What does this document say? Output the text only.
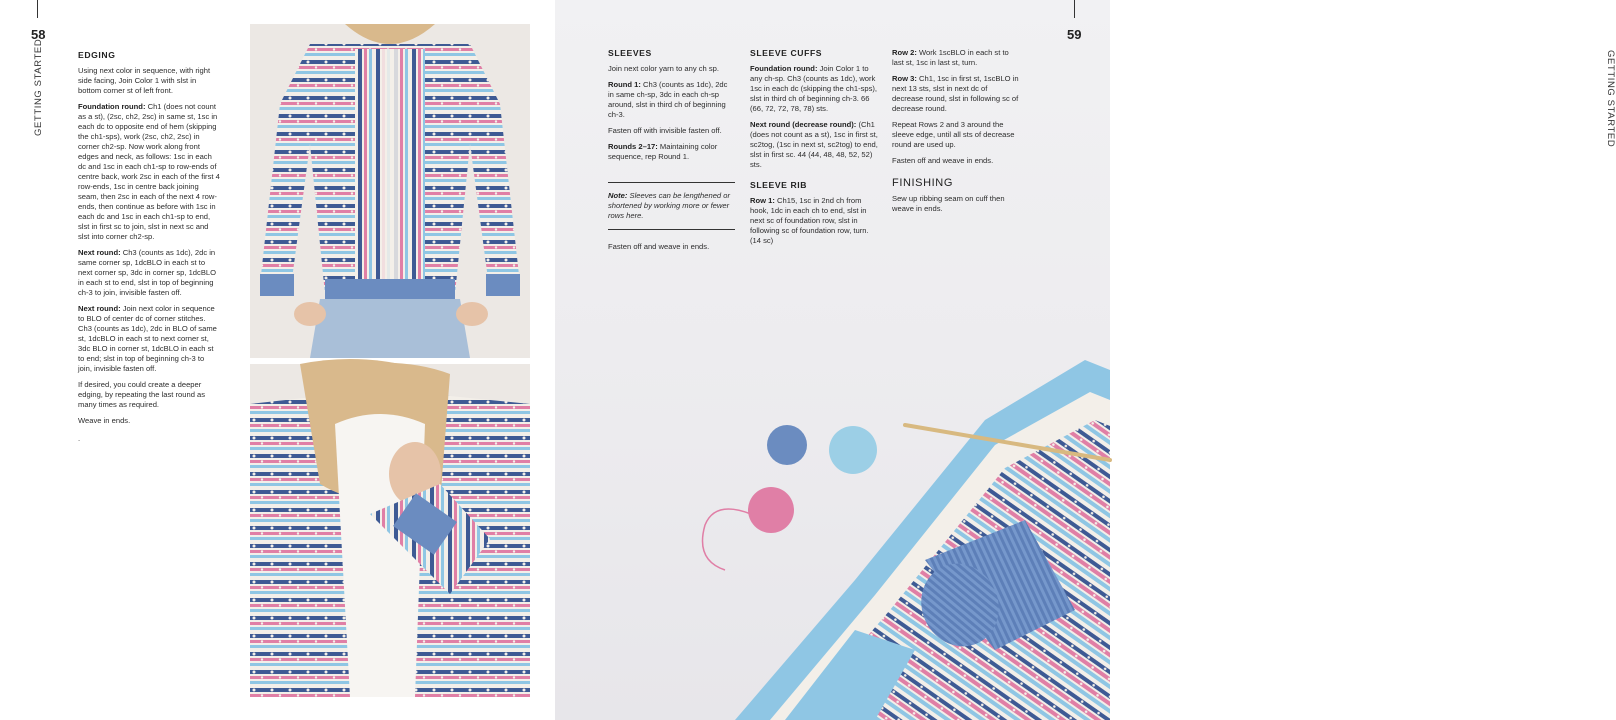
58
GETTING STARTED	EDGING

Using next color in sequence, with right side facing, Join Color 1 with slst in bottom corner st of left front.

Foundation round: Ch1 (does not count as a st), (2sc, ch2, 2sc) in same st, 1sc in each dc to opposite end of hem (skipping the ch1-sps), work (2sc, ch2, 2sc) in corner ch2-sp. Now work along front edges and neck, as follows: 1sc in each dc and 1sc in each ch1-sp to row-ends of centre back, work 2sc in each of the first 4 row-ends, 1sc in centre back joining seam, then 2sc in each of the next 4 row-ends, then continue as before with 1sc in each dc and 1sc in each ch1-sp to end, slst in first sc to join, slst in next sc and slst into corner ch2-sp.

Next round: Ch3 (counts as 1dc), 2dc in same corner sp, 1dcBLO in each st to next corner sp, 3dc in corner sp, 1dcBLO in each st to end, slst in top of beginning ch-3 to join, invisible fasten off.

Next round: Join next color in sequence to BLO of center dc of corner stitches. Ch3 (counts as 1dc), 2dc in BLO of same st, 1dcBLO in each st to next corner st, 3dc BLO in corner st, 1dcBLO in each st to end; slst in top of beginning ch-3 to join, invisible fasten off.

If desired, you could create a deeper edging, by repeating the last round as many times as required.

Weave in ends.

.

59
GETTING STARTED
SLEEVES

Join next color yarn to any ch sp.

Round 1: Ch3 (counts as 1dc), 2dc in same ch-sp, 3dc in each ch-sp around, slst in third ch of beginning ch-3.

Fasten off with invisible fasten off.

Rounds 2–17: Maintaining color sequence, rep Round 1.

Note: Sleeves can be lengthened or shortened by working more or fewer rows here.

Fasten off and weave in ends.

SLEEVE CUFFS

Foundation round: Join Color 1 to any ch-sp. Ch3 (counts as 1dc), work 1sc in each dc (skipping the ch1-sps), slst in third ch of beginning ch-3. 66 (66, 72, 72, 78, 78) sts.

Next round (decrease round): (Ch1 (does not count as a st), 1sc in first st, sc2tog, (1sc in next st, sc2tog) to end, slst in first sc. 44 (44, 48, 48, 52, 52) sts.

SLEEVE RIB

Row 1: Ch15, 1sc in 2nd ch from hook, 1dc in each ch to end, slst in next sc of foundation row, slst in following sc of foundation row, turn. (14 sc)

Row 2: Work 1scBLO in each st to last st, 1sc in last st, turn.

Row 3: Ch1, 1sc in first st, 1scBLO in next 13 sts, slst in next dc of decrease round, slst in following sc of decrease round.

Repeat Rows 2 and 3 around the sleeve edge, until all sts of decrease round are used up.

Fasten off and weave in ends.

FINISHING

Sew up ribbing seam on cuff then weave in ends.
